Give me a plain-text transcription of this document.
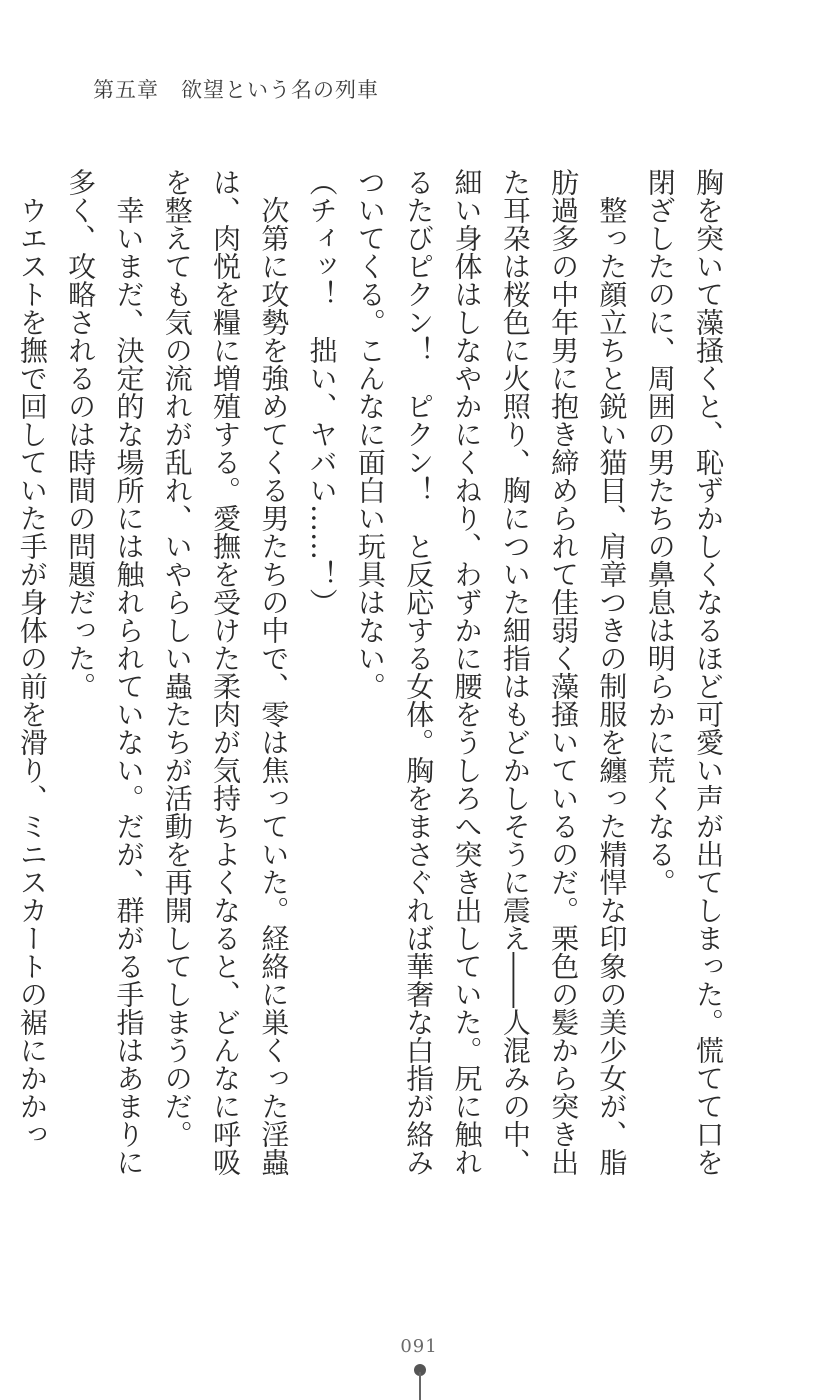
第五章　欲望という名の列車

胸を突いて藻掻くと、恥ずかしくなるほど可愛い声が出てしまった。慌てて口を閉ざしたのに、周囲の男たちの鼻息は明らかに荒くなる。

整った顔立ちと鋭い猫目、肩章つきの制服を纏った精悍な印象の美少女が、脂肪過多の中年男に抱き締められて佳弱く藻掻いているのだ。栗色の髪から突き出た耳朶は桜色に火照り、胸についた細指はもどかしそうに震え――人混みの中、細い身体はしなやかにくねり、わずかに腰をうしろへ突き出していた。尻に触れるたびピクン！　ピクン！　と反応する女体。胸をまさぐれば華奢な白指が絡みついてくる。こんなに面白い玩具はない。

（チィッ！　拙い、ヤバい……！）

次第に攻勢を強めてくる男たちの中で、零は焦っていた。経絡に巣くった淫蟲は、肉悦を糧に増殖する。愛撫を受けた柔肉が気持ちよくなると、どんなに呼吸を整えても気の流れが乱れ、いやらしい蟲たちが活動を再開してしまうのだ。

幸いまだ、決定的な場所には触れられていない。だが、群がる手指はあまりに多く、攻略されるのは時間の問題だった。

ウエストを撫で回していた手が身体の前を滑り、ミニスカートの裾にかかっ

091
